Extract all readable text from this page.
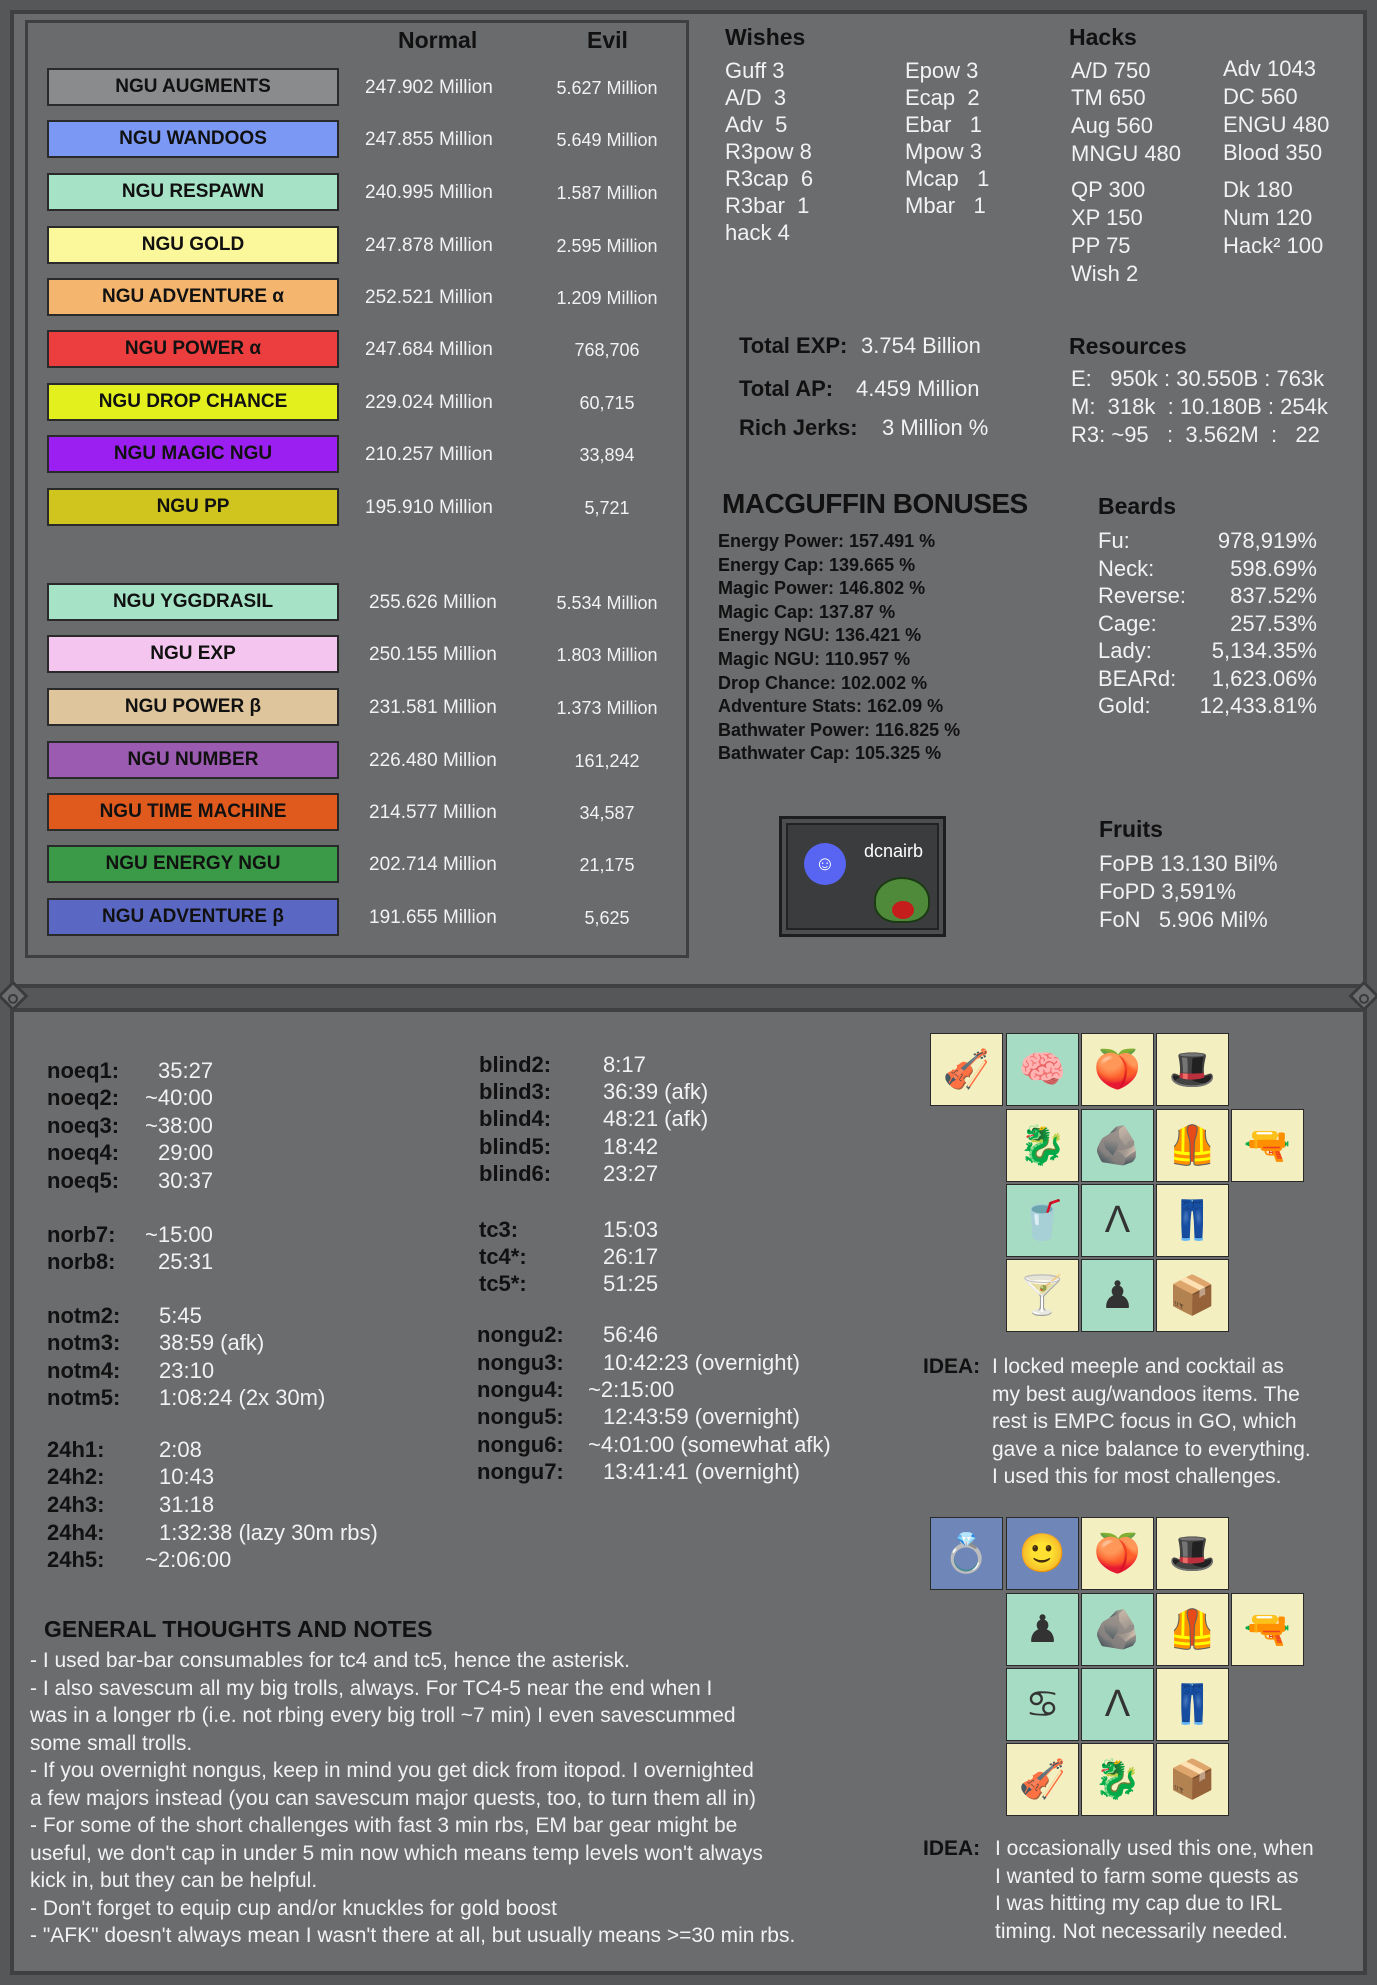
Normal	Evil
NGU AUGMENTS	247.902 Million	5.627 Million
NGU WANDOOS	247.855 Million	5.649 Million
NGU RESPAWN	240.995 Million	1.587 Million
NGU GOLD	247.878 Million	2.595 Million
NGU ADVENTURE α	252.521 Million	1.209 Million
NGU POWER α	247.684 Million	768,706
NGU DROP CHANCE	229.024 Million	60,715
NGU MAGIC NGU	210.257 Million	33,894
NGU PP	195.910 Million	5,721
NGU YGGDRASIL	255.626 Million	5.534 Million
NGU EXP	250.155 Million	1.803 Million
NGU POWER β	231.581 Million	1.373 Million
NGU NUMBER	226.480 Million	161,242
NGU TIME MACHINE	214.577 Million	34,587
NGU ENERGY NGU	202.714 Million	21,175
NGU ADVENTURE β	191.655 Million	5,625
Wishes
Guff 3
A/D  3
Adv  5
R3pow 8
R3cap  6
R3bar  1
hack 4
Epow 3
Ecap  2
Ebar   1
Mpow 3
Mcap   1
Mbar   1
Hacks
A/D 750
TM 650
Aug 560
MNGU 480
QP 300
XP 150
PP 75
Wish 2
Adv 1043
DC 560
ENGU 480
Blood 350
Dk 180
Num 120
Hack² 100
Total EXP: 3.754 Billion
Total AP: 4.459 Million
Rich Jerks: 3 Million %
Resources
E:   950k : 30.550B : 763k
M:  318k  : 10.180B : 254k
R3: ~95   :  3.562M  :   22
MACGUFFIN BONUSES
Energy Power: 157.491 %
Energy Cap: 139.665 %
Magic Power: 146.802 %
Magic Cap: 137.87 %
Energy NGU: 136.421 %
Magic NGU: 110.957 %
Drop Chance: 102.002 %
Adventure Stats: 162.09 %
Bathwater Power: 116.825 %
Bathwater Cap: 105.325 %
Beards
Fu:	978,919%
Neck:	598.69%
Reverse: 837.52%
Cage:	257.53%
Lady:	5,134.35%
BEARd: 1,623.06%
Gold: 12,433.81%
☺
dcnairb
Fruits
FoPB 13.130 Bil%
FoPD 3,591%
FoN   5.906 Mil%
noeq1: 35:27
noeq2: ~40:00
noeq3: ~38:00
noeq4: 29:00
noeq5: 30:37
norb7: ~15:00
norb8: 25:31
notm2: 5:45
notm3: 38:59 (afk)
notm4: 23:10
notm5: 1:08:24 (2x 30m)
24h1: 2:08
24h2: 10:43
24h3: 31:18
24h4: 1:32:38 (lazy 30m rbs)
24h5: ~2:06:00
blind2: 8:17
blind3: 36:39 (afk)
blind4: 48:21 (afk)
blind5: 18:42
blind6: 23:27
tc3:	15:03
tc4*:	26:17
tc5*:	51:25
nongu2: 56:46
nongu3: 10:42:23 (overnight)
nongu4: ~2:15:00
nongu5: 12:43:59 (overnight)
nongu6: ~4:01:00 (somewhat afk)
nongu7: 13:41:41 (overnight)
GENERAL THOUGHTS AND NOTES
- I used bar-bar consumables for tc4 and tc5, hence the asterisk.
- I also savescum all my big trolls, always. For TC4-5 near the end when I
was in a longer rb (i.e. not rbing every big troll ~7 min) I even savescummed
some small trolls.
- If you overnight nongus, keep in mind you get dick from itopod. I overnighted
a few majors instead (you can savescum major quests, too, to turn them all in)
- For some of the short challenges with fast 3 min rbs, EM bar gear might be
useful, we don't cap in under 5 min now which means temp levels won't always
kick in, but they can be helpful.
- Don't forget to equip cup and/or knuckles for gold boost
- "AFK" doesn't always mean I wasn't there at all, but usually means >=30 min rbs.
🎻 🧠 🍑 🎩
🐉 🪨 🦺 🔫
🥤	Λ	👖
🍸 ♟ 📦
💍 🙂 🍑 🎩
♟ 🪨 🦺 🔫
♋	Λ	👖
🎻 🐉 📦
IDEA: I locked meeple and cocktail as
my best aug/wandoos items. The
rest is EMPC focus in GO, which
gave a nice balance to everything.
I used this for most challenges.
IDEA: I occasionally used this one, when
I wanted to farm some quests as
I was hitting my cap due to IRL
timing. Not necessarily needed.
